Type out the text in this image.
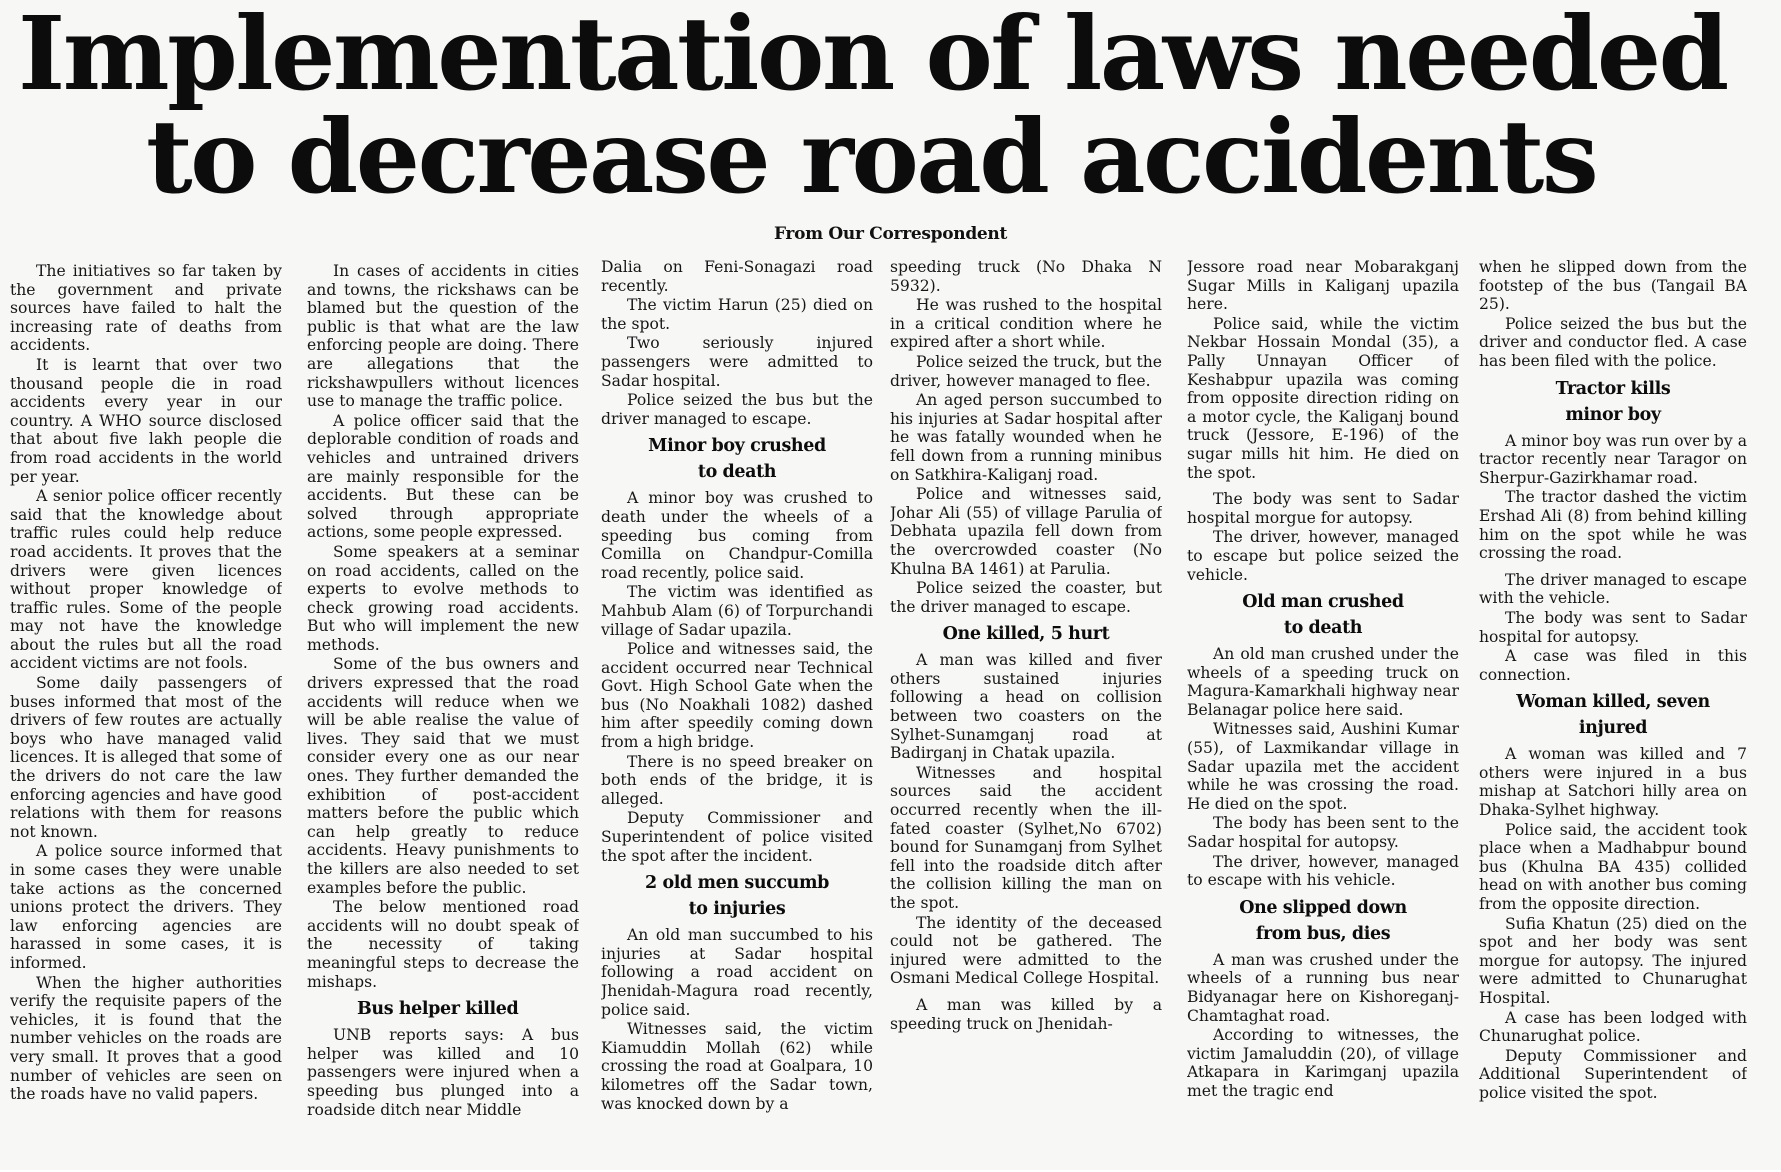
Implementation of laws needed
to decrease road accidents
From Our Correspondent

The initiatives so far taken by the government and private sources have failed to halt the increasing rate of deaths from accidents.

It is learnt that over two thousand people die in road accidents every year in our country. A WHO source disclosed that about five lakh people die from road accidents in the world per year.

A senior police officer recently said that the knowledge about traffic rules could help reduce road accidents. It proves that the drivers were given licences without proper knowledge of traffic rules. Some of the people may not have the knowledge about the rules but all the road accident victims are not fools.

Some daily passengers of buses informed that most of the drivers of few routes are actually boys who have managed valid licences. It is alleged that some of the drivers do not care the law enforcing agencies and have good relations with them for reasons not known.

A police source informed that in some cases they were unable take actions as the concerned unions protect the drivers. They law enforcing agencies are harassed in some cases, it is informed.

When the higher authorities verify the requisite papers of the vehicles, it is found that the number vehicles on the roads are very small. It proves that a good number of vehicles are seen on the roads have no valid papers.

In cases of accidents in cities and towns, the rickshaws can be blamed but the question of the public is that what are the law enforcing people are doing. There are allegations that the rickshawpullers without licences use to manage the traffic police.

A police officer said that the deplorable condition of roads and vehicles and untrained drivers are mainly responsible for the accidents. But these can be solved through appropriate actions, some people expressed.

Some speakers at a seminar on road accidents, called on the experts to evolve methods to check growing road accidents. But who will implement the new methods.

Some of the bus owners and drivers expressed that the road accidents will reduce when we will be able realise the value of lives. They said that we must consider every one as our near ones. They further demanded the exhibition of post-accident matters before the public which can help greatly to reduce accidents. Heavy punishments to the killers are also needed to set examples before the public.

The below mentioned road accidents will no doubt speak of the necessity of taking meaningful steps to decrease the mishaps.

Bus helper killed

UNB reports says: A bus helper was killed and 10 passengers were injured when a speeding bus plunged into a roadside ditch near Middle

Dalia on Feni-Sonagazi road recently.

The victim Harun (25) died on the spot.

Two seriously injured passengers were admitted to Sadar hospital.

Police seized the bus but the driver managed to escape.

Minor boy crushed
to death

A minor boy was crushed to death under the wheels of a speeding bus coming from Comilla on Chandpur-Comilla road recently, police said.

The victim was identified as Mahbub Alam (6) of Torpurchandi village of Sadar upazila.

Police and witnesses said, the accident occurred near Technical Govt. High School Gate when the bus (No Noakhali 1082) dashed him after speedily coming down from a high bridge.

There is no speed breaker on both ends of the bridge, it is alleged.

Deputy Commissioner and Superintendent of police visited the spot after the incident.

2 old men succumb
to injuries

An old man succumbed to his injuries at Sadar hospital following a road accident on Jhenidah-Magura road recently, police said.

Witnesses said, the victim Kiamuddin Mollah (62) while crossing the road at Goalpara, 10 kilometres off the Sadar town, was knocked down by a

speeding truck (No Dhaka N 5932).

He was rushed to the hospital in a critical condition where he expired after a short while.

Police seized the truck, but the driver, however managed to flee.

An aged person succumbed to his injuries at Sadar hospital after he was fatally wounded when he fell down from a running minibus on Satkhira-Kaliganj road.

Police and witnesses said, Johar Ali (55) of village Parulia of Debhata upazila fell down from the overcrowded coaster (No Khulna BA 1461) at Parulia.

Police seized the coaster, but the driver managed to escape.

One killed, 5 hurt

A man was killed and fiver others sustained injuries following a head on collision between two coasters on the Sylhet-Sunamganj road at Badirganj in Chatak upazila.

Witnesses and hospital sources said the accident occurred recently when the ill-fated coaster (Sylhet,No 6702) bound for Sunamganj from Sylhet fell into the roadside ditch after the collision killing the man on the spot.

The identity of the deceased could not be gathered. The injured were admitted to the Osmani Medical College Hospital.

A man was killed by a speeding truck on Jhenidah-

Jessore road near Mobarakganj Sugar Mills in Kaliganj upazila here.

Police said, while the victim Nekbar Hossain Mondal (35), a Pally Unnayan Officer of Keshabpur upazila was coming from opposite direction riding on a motor cycle, the Kaliganj bound truck (Jessore, E-196) of the sugar mills hit him. He died on the spot.

The body was sent to Sadar hospital morgue for autopsy.

The driver, however, managed to escape but police seized the vehicle.

Old man crushed
to death

An old man crushed under the wheels of a speeding truck on Magura-Kamarkhali highway near Belanagar police here said.

Witnesses said, Aushini Kumar (55), of Laxmikandar village in Sadar upazila met the accident while he was crossing the road. He died on the spot.

The body has been sent to the Sadar hospital for autopsy.

The driver, however, managed to escape with his vehicle.

One slipped down
from bus, dies

A man was crushed under the wheels of a running bus near Bidyanagar here on Kishoreganj-Chamtaghat road.

According to witnesses, the victim Jamaluddin (20), of village Atkapara in Karimganj upazila met the tragic end

when he slipped down from the footstep of the bus (Tangail BA 25).

Police seized the bus but the driver and conductor fled. A case has been filed with the police.

Tractor kills
minor boy

A minor boy was run over by a tractor recently near Taragor on Sherpur-Gazirkhamar road.

The tractor dashed the victim Ershad Ali (8) from behind killing him on the spot while he was crossing the road.

The driver managed to escape with the vehicle.

The body was sent to Sadar hospital for autopsy.

A case was filed in this connection.

Woman killed, seven
injured

A woman was killed and 7 others were injured in a bus mishap at Satchori hilly area on Dhaka-Sylhet highway.

Police said, the accident took place when a Madhabpur bound bus (Khulna BA 435) collided head on with another bus coming from the opposite direction.

Sufia Khatun (25) died on the spot and her body was sent morgue for autopsy. The injured were admitted to Chunarughat Hospital.

A case has been lodged with Chunarughat police.

Deputy Commissioner and Additional Superintendent of police visited the spot.
